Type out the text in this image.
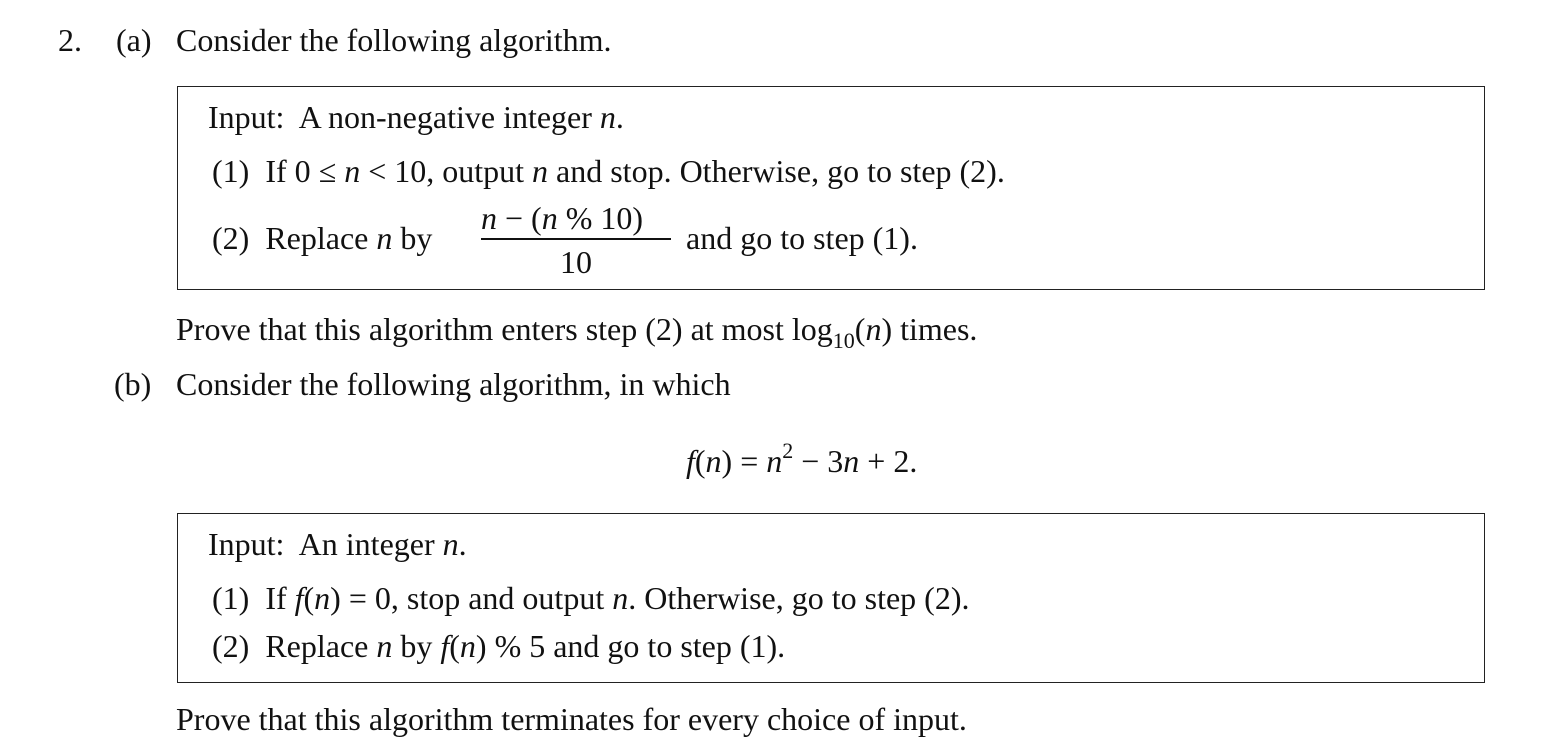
2. (a) Consider the following algorithm.
Input: A non-negative integer n.
(1) If 0 ≤ n < 10, output n and stop. Otherwise, go to step (2).
(2) Replace n by
n − (n % 10)
10
and go to step (1).
Prove that this algorithm enters step (2) at most $\log_{10}(n)$ times.
(b) Consider the following algorithm, in which
$f(n) = n^2 - 3n + 2$.
Input: An integer n.
(1) If f(n) = 0, stop and output n. Otherwise, go to step (2).
(2) Replace n by f(n) % 5 and go to step (1).
Prove that this algorithm terminates for every choice of input.
